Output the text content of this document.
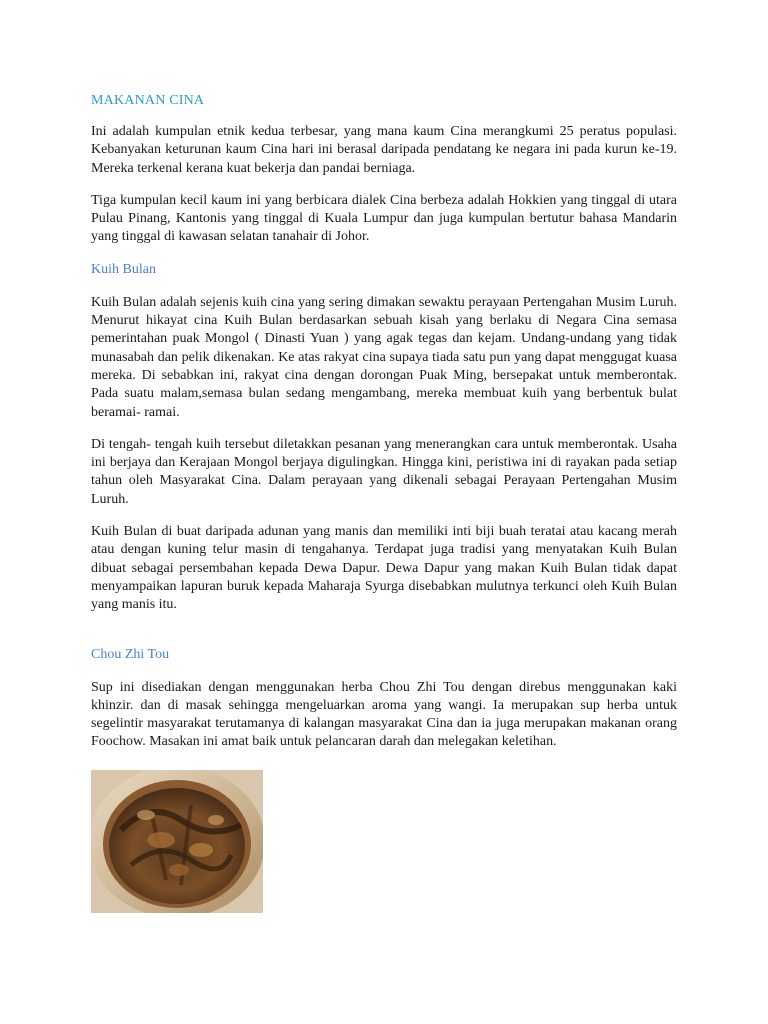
MAKANAN CINA

Ini adalah kumpulan etnik kedua terbesar, yang mana kaum Cina merangkumi 25 peratus populasi. Kebanyakan keturunan kaum Cina hari ini berasal daripada pendatang ke negara ini pada kurun ke-19. Mereka terkenal kerana kuat bekerja dan pandai berniaga.

Tiga kumpulan kecil kaum ini yang berbicara dialek Cina berbeza adalah Hokkien yang tinggal di utara Pulau Pinang, Kantonis yang tinggal di Kuala Lumpur dan juga kumpulan bertutur bahasa Mandarin yang tinggal di kawasan selatan tanahair di Johor.

Kuih Bulan

Kuih Bulan adalah sejenis kuih cina yang sering dimakan sewaktu perayaan Pertengahan Musim Luruh. Menurut hikayat cina Kuih Bulan berdasarkan sebuah kisah yang berlaku di Negara Cina semasa pemerintahan puak Mongol ( Dinasti Yuan ) yang agak tegas dan kejam. Undang-undang yang tidak munasabah dan pelik dikenakan. Ke atas rakyat cina supaya tiada satu pun yang dapat menggugat kuasa mereka. Di sebabkan ini, rakyat cina dengan dorongan Puak Ming, bersepakat untuk memberontak. Pada suatu malam,semasa bulan sedang mengambang, mereka membuat kuih yang berbentuk bulat beramai- ramai.

Di tengah- tengah kuih tersebut diletakkan pesanan yang menerangkan cara untuk memberontak. Usaha ini berjaya dan Kerajaan Mongol berjaya digulingkan. Hingga kini, peristiwa ini di rayakan pada setiap tahun oleh Masyarakat Cina. Dalam perayaan yang dikenali sebagai Perayaan Pertengahan Musim Luruh.

Kuih Bulan di buat daripada adunan yang manis dan memiliki inti biji buah teratai atau kacang merah atau dengan kuning telur masin di tengahanya. Terdapat juga tradisi yang menyatakan Kuih Bulan dibuat sebagai persembahan kepada Dewa Dapur. Dewa Dapur yang makan Kuih Bulan tidak dapat menyampaikan lapuran buruk kepada Maharaja Syurga disebabkan mulutnya terkunci oleh Kuih Bulan yang manis itu.

Chou Zhi Tou

Sup ini disediakan dengan menggunakan herba Chou Zhi Tou dengan direbus menggunakan kaki khinzir. dan di masak sehingga mengeluarkan aroma yang wangi. Ia merupakan sup herba untuk segelintir masyarakat terutamanya di kalangan masyarakat Cina dan ia juga merupakan makanan orang Foochow. Masakan ini amat baik untuk pelancaran darah dan melegakan keletihan.
